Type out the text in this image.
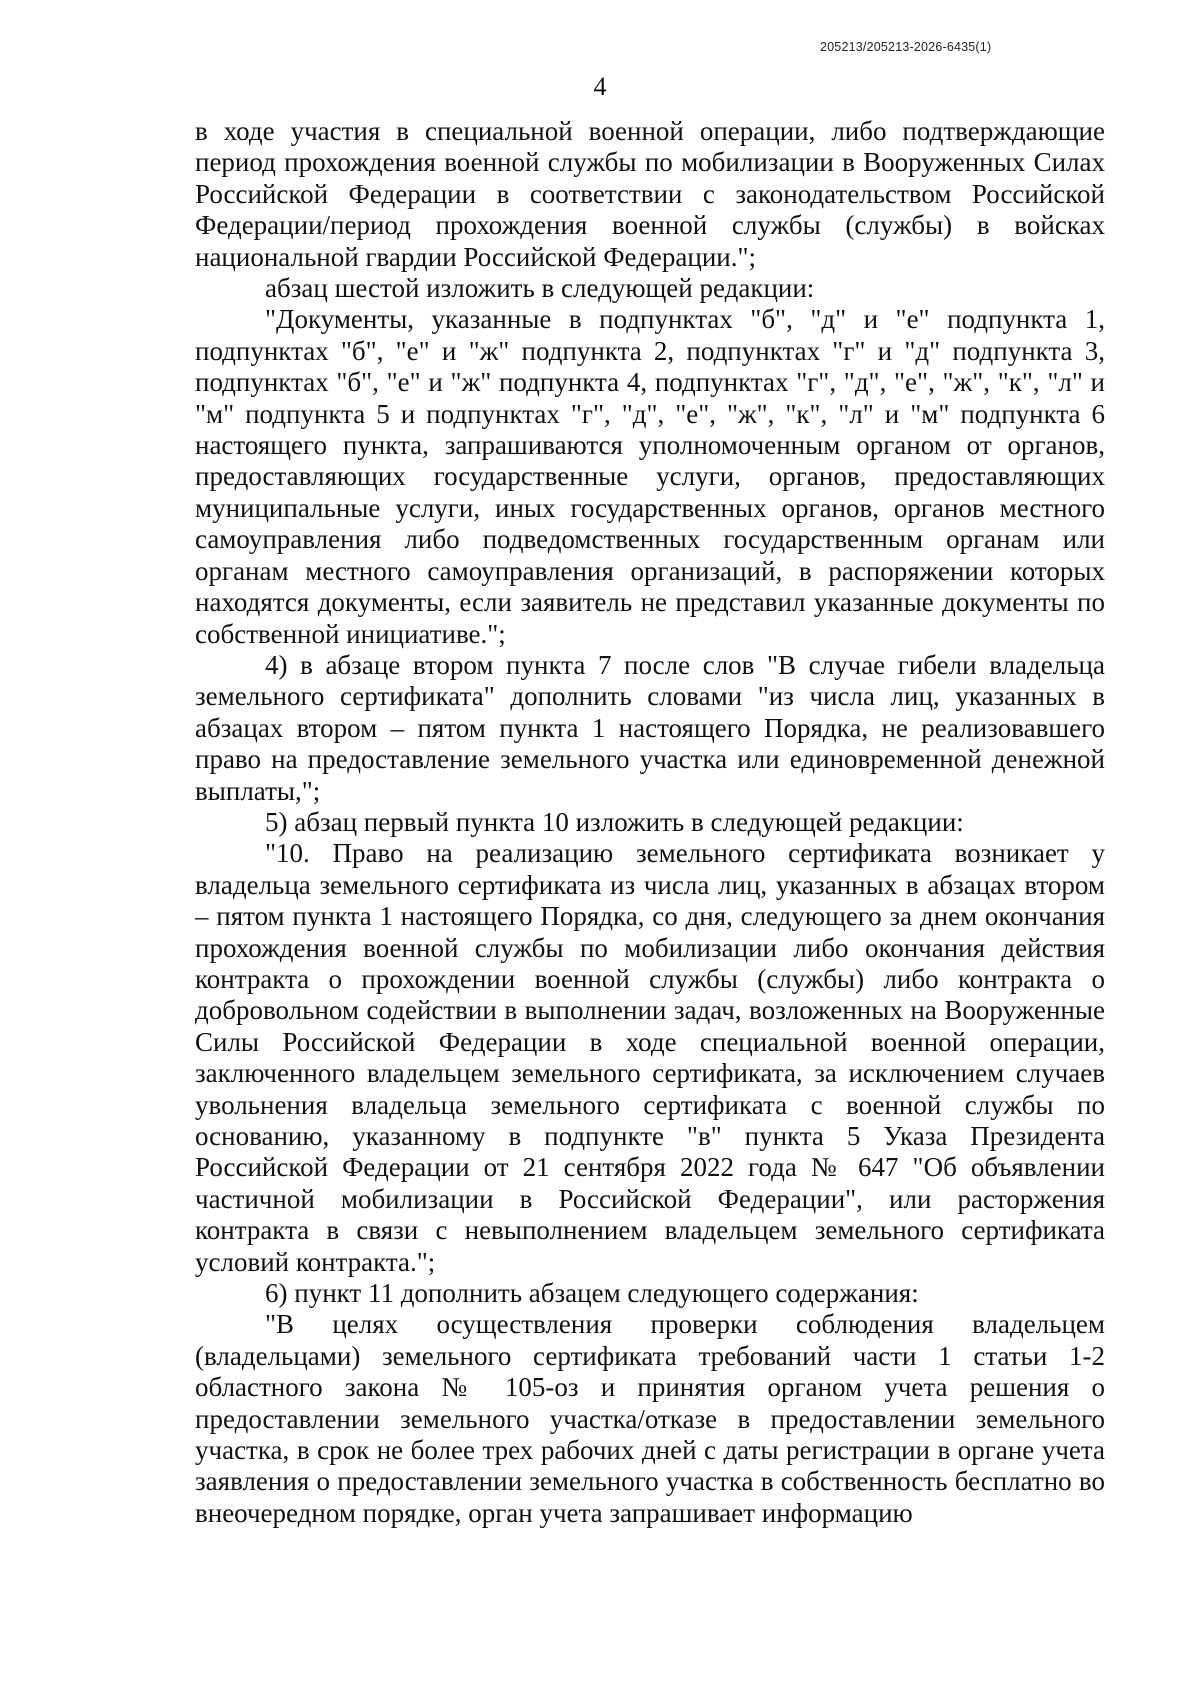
205213/205213-2026-6435(1)
4

в ходе участия в специальной военной операции, либо подтверждающие период прохождения военной службы по мобилизации в Вооруженных Силах Российской Федерации в соответствии с законодательством Российской Федерации/период прохождения военной службы (службы) в войсках национальной гвардии Российской Федерации.";

абзац шестой изложить в следующей редакции:

"Документы, указанные в подпунктах "б", "д" и "е" подпункта 1, подпунктах "б", "е" и "ж" подпункта 2, подпунктах "г" и "д" подпункта 3, подпунктах "б", "е" и "ж" подпункта 4, подпунктах "г", "д", "е", "ж", "к", "л" и "м" подпункта 5 и подпунктах "г", "д", "е", "ж", "к", "л" и "м" подпункта 6 настоящего пункта, запрашиваются уполномоченным органом от органов, предоставляющих государственные услуги, органов, предоставляющих муниципальные услуги, иных государственных органов, органов местного самоуправления либо подведомственных государственным органам или органам местного самоуправления организаций, в распоряжении которых находятся документы, если заявитель не представил указанные документы по собственной инициативе.";

4) в абзаце втором пункта 7 после слов "В случае гибели владельца земельного сертификата" дополнить словами "из числа лиц, указанных в абзацах втором – пятом пункта 1 настоящего Порядка, не реализовавшего право на предоставление земельного участка или единовременной денежной выплаты,";

5) абзац первый пункта 10 изложить в следующей редакции:

"10. Право на реализацию земельного сертификата возникает у владельца земельного сертификата из числа лиц, указанных в абзацах втором – пятом пункта 1 настоящего Порядка, со дня, следующего за днем окончания прохождения военной службы по мобилизации либо окончания действия контракта о прохождении военной службы (службы) либо контракта о добровольном содействии в выполнении задач, возложенных на Вооруженные Силы Российской Федерации в ходе специальной военной операции, заключенного владельцем земельного сертификата, за исключением случаев увольнения владельца земельного сертификата с военной службы по основанию, указанному в подпункте "в" пункта 5 Указа Президента Российской Федерации от 21 сентября 2022 года № 647 "Об объявлении частичной мобилизации в Российской Федерации", или расторжения контракта в связи с невыполнением владельцем земельного сертификата условий контракта.";

6) пункт 11 дополнить абзацем следующего содержания:

"В целях осуществления проверки соблюдения владельцем (владельцами) земельного сертификата требований части 1 статьи 1-2 областного закона № 105-оз и принятия органом учета решения о предоставлении земельного участка/отказе в предоставлении земельного участка, в срок не более трех рабочих дней с даты регистрации в органе учета заявления о предоставлении земельного участка в собственность бесплатно во внеочередном порядке, орган учета запрашивает информацию
